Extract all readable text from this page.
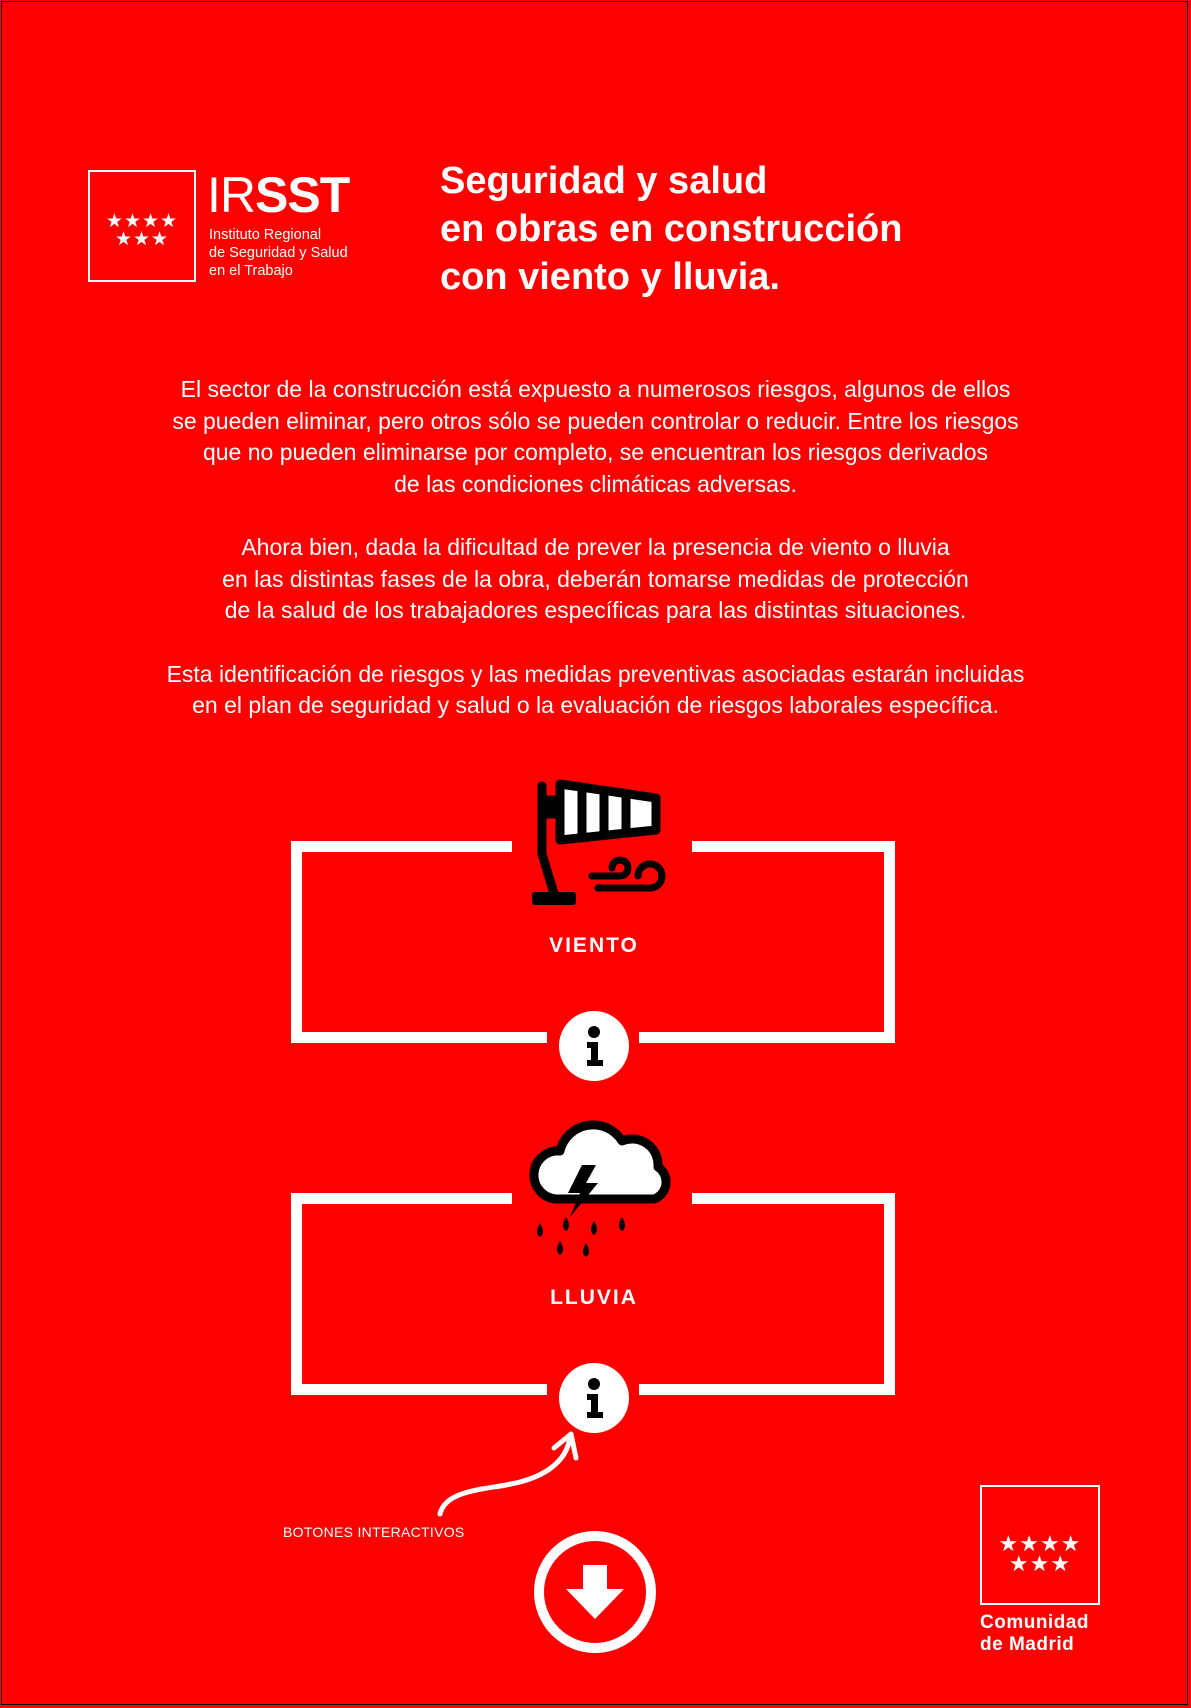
★★★★
★★★
IRSST
Instituto Regional
de Seguridad y Salud
en el Trabajo
Seguridad y salud
en obras en construcción
con viento y lluvia.

El sector de la construcción está expuesto a numerosos riesgos, algunos de ellos
se pueden eliminar, pero otros sólo se pueden controlar o reducir. Entre los riesgos
que no pueden eliminarse por completo, se encuentran los riesgos derivados
de las condiciones climáticas adversas.

Ahora bien, dada la dificultad de prever la presencia de viento o lluvia
en las distintas fases de la obra, deberán tomarse medidas de protección
de la salud de los trabajadores específicas para las distintas situaciones.

Esta identificación de riesgos y las medidas preventivas asociadas estarán incluidas
en el plan de seguridad y salud o la evaluación de riesgos laborales específica.

VIENTO
LLUVIA
BOTONES INTERACTIVOS	★★★★
★★★
Comunidad
de Madrid
